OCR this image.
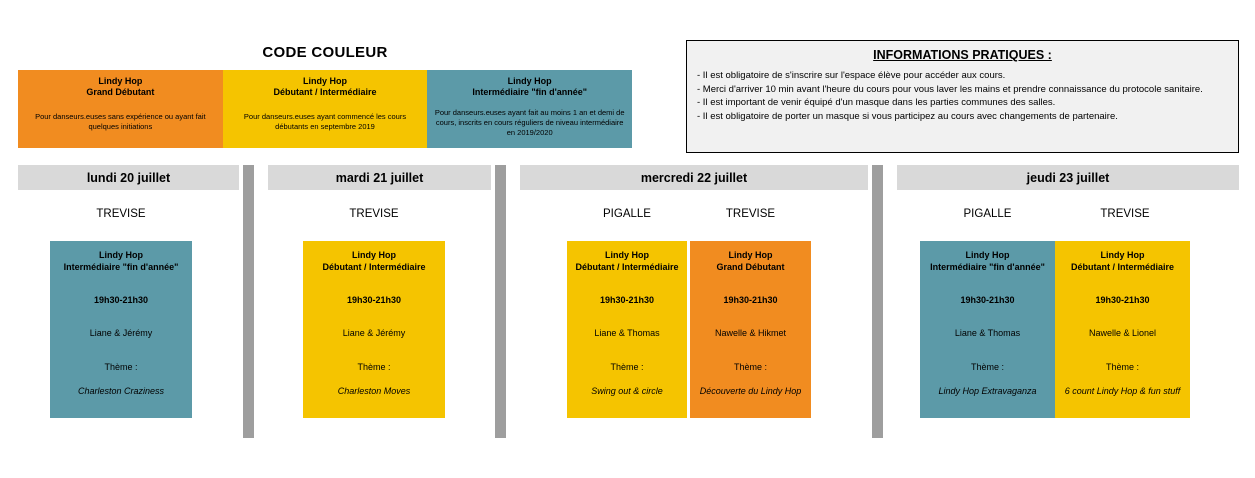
CODE COULEUR
Lindy Hop
Grand Débutant
Pour danseurs.euses sans expérience ou ayant fait quelques initiations
Lindy Hop
Débutant / Intermédiaire
Pour danseurs.euses ayant commencé les cours débutants en septembre 2019
Lindy Hop
Intermédiaire "fin d'année"
Pour danseurs.euses ayant fait au moins 1 an et demi de cours, inscrits en cours réguliers de niveau intermédiaire en 2019/2020
INFORMATIONS PRATIQUES :
- Il est obligatoire de s'inscrire sur l'espace élève pour accéder aux cours.
- Merci d'arriver 10 min avant l'heure du cours pour vous laver les mains et prendre connaissance du protocole sanitaire.
- Il est important de venir équipé d'un masque dans les parties communes des salles.
- Il est obligatoire de porter un masque si vous participez au cours avec changements de partenaire.
lundi 20 juillet	mardi 21 juillet	mercredi 22 juillet	jeudi 23 juillet
TREVISE	TREVISE	PIGALLE	TREVISE	PIGALLE	TREVISE
Lindy Hop
Intermédiaire "fin d'année"
19h30-21h30
Liane & Jérémy
Thème :
Charleston Craziness
Lindy Hop
Débutant / Intermédiaire
19h30-21h30
Liane & Jérémy
Thème :
Charleston Moves
Lindy Hop
Débutant / Intermédiaire
19h30-21h30
Liane & Thomas
Thème :
Swing out & circle
Lindy Hop
Grand Débutant
19h30-21h30
Nawelle & Hikmet
Thème :
Découverte du Lindy Hop
Lindy Hop
Intermédiaire "fin d'année"
19h30-21h30
Liane & Thomas
Thème :
Lindy Hop Extravaganza
Lindy Hop
Débutant / Intermédiaire
19h30-21h30
Nawelle & Lionel
Thème :
6 count Lindy Hop & fun stuff
